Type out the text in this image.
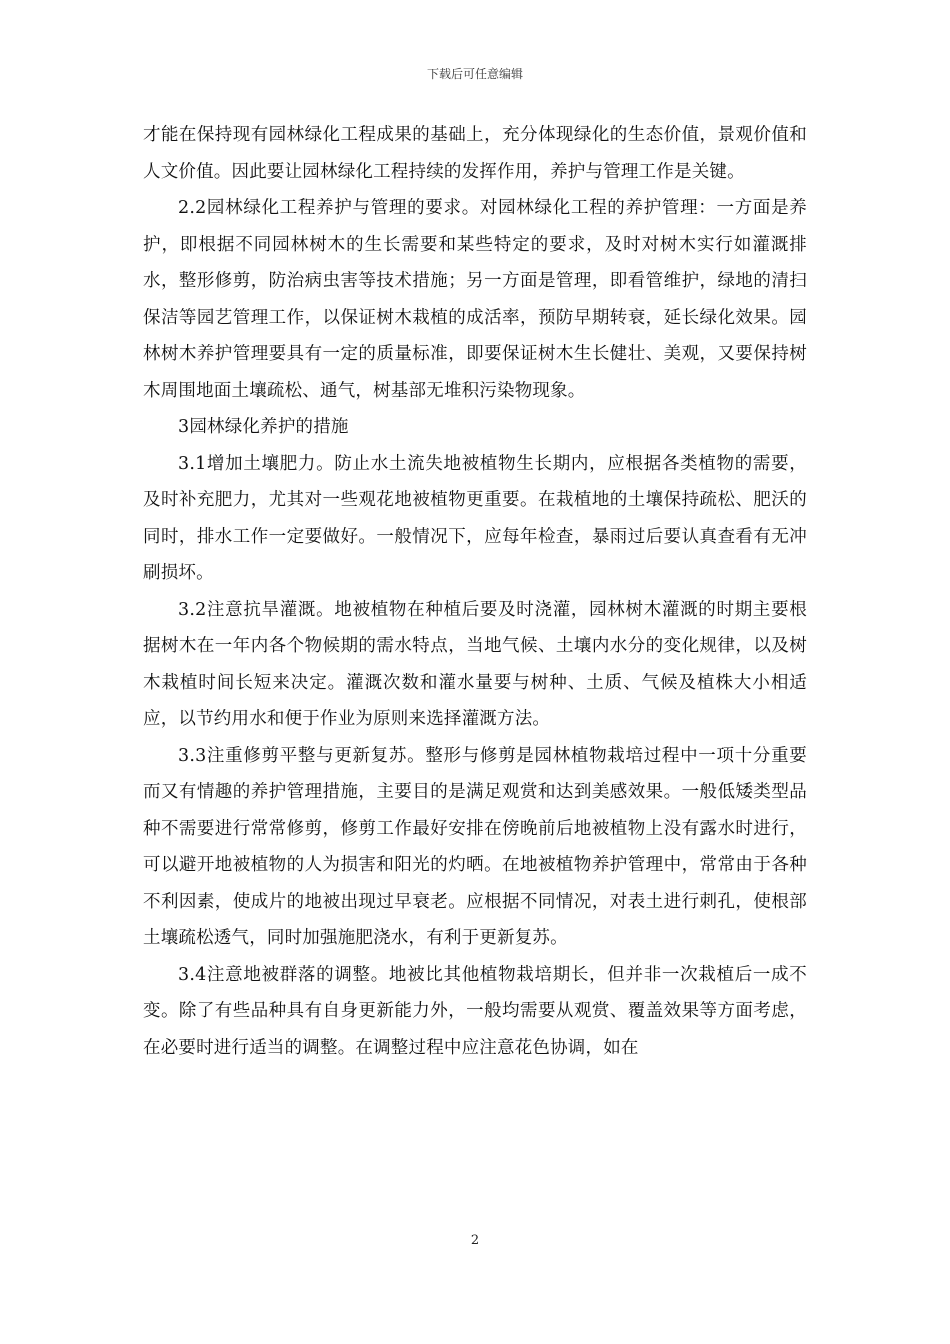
下载后可任意编辑

才能在保持现有园林绿化工程成果的基础上，充分体现绿化的生态价值，景观价值和人文价值。因此要让园林绿化工程持续的发挥作用，养护与管理工作是关键。

2.2园林绿化工程养护与管理的要求。对园林绿化工程的养护管理：一方面是养护，即根据不同园林树木的生长需要和某些特定的要求，及时对树木实行如灌溉排水，整形修剪，防治病虫害等技术措施；另一方面是管理，即看管维护，绿地的清扫保洁等园艺管理工作，以保证树木栽植的成活率，预防早期转衰，延长绿化效果。园林树木养护管理要具有一定的质量标准，即要保证树木生长健壮、美观，又要保持树木周围地面土壤疏松、通气，树基部无堆积污染物现象。

3园林绿化养护的措施

3.1增加土壤肥力。防止水土流失地被植物生长期内，应根据各类植物的需要，及时补充肥力，尤其对一些观花地被植物更重要。在栽植地的土壤保持疏松、肥沃的同时，排水工作一定要做好。一般情况下，应每年检查，暴雨过后要认真查看有无冲刷损坏。

3.2注意抗旱灌溉。地被植物在种植后要及时浇灌，园林树木灌溉的时期主要根据树木在一年内各个物候期的需水特点，当地气候、土壤内水分的变化规律，以及树木栽植时间长短来决定。灌溉次数和灌水量要与树种、土质、气候及植株大小相适应，以节约用水和便于作业为原则来选择灌溉方法。

3.3注重修剪平整与更新复苏。整形与修剪是园林植物栽培过程中一项十分重要而又有情趣的养护管理措施，主要目的是满足观赏和达到美感效果。一般低矮类型品种不需要进行常常修剪，修剪工作最好安排在傍晚前后地被植物上没有露水时进行，可以避开地被植物的人为损害和阳光的灼晒。在地被植物养护管理中，常常由于各种不利因素，使成片的地被出现过早衰老。应根据不同情况，对表土进行刺孔，使根部土壤疏松透气，同时加强施肥浇水，有利于更新复苏。

3.4注意地被群落的调整。地被比其他植物栽培期长，但并非一次栽植后一成不变。除了有些品种具有自身更新能力外，一般均需要从观赏、覆盖效果等方面考虑，在必要时进行适当的调整。在调整过程中应注意花色协调，如在

2
